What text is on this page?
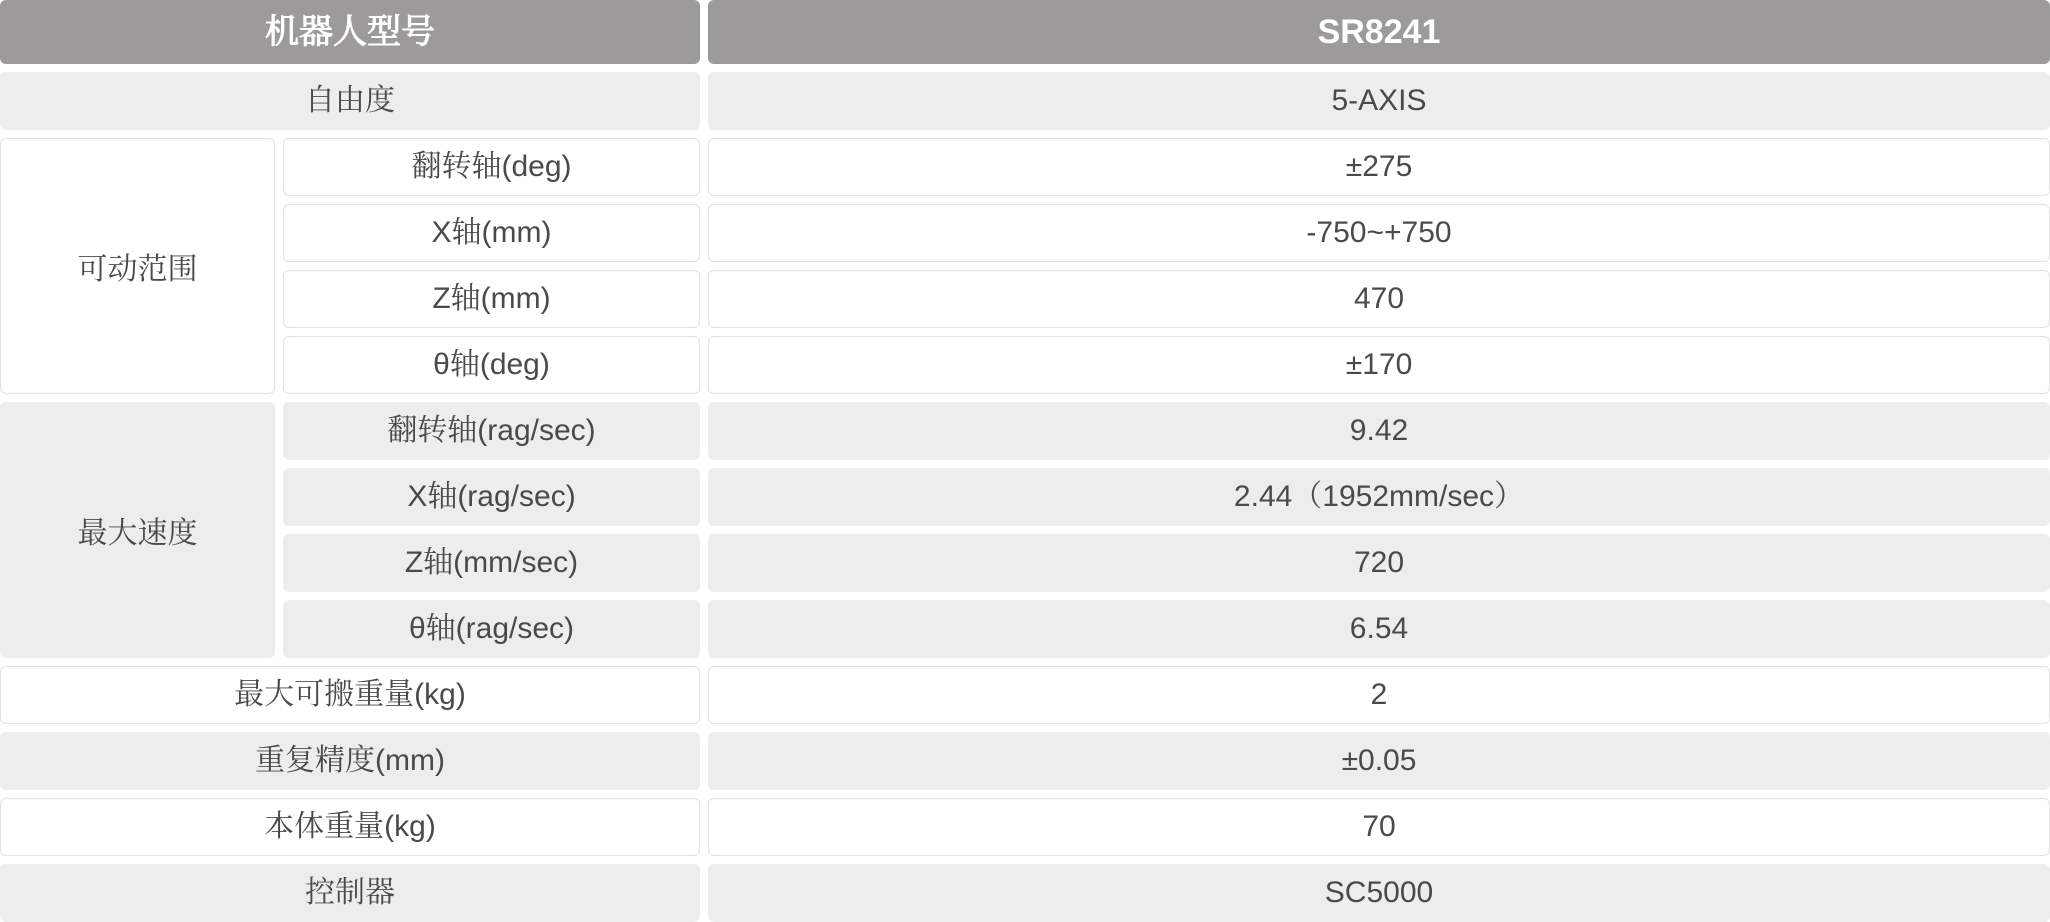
机器人型号	SR8241
自由度	5-AXIS
可动范围
翻转轴(deg)	±275
X轴(mm)	-750~+750
Z轴(mm)	470
θ轴(deg)	±170
最大速度
翻转轴(rag/sec)	9.42
X轴(rag/sec)	2.44（1952mm/sec）
Z轴(mm/sec)	720
θ轴(rag/sec)	6.54
最大可搬重量(kg)	2
重复精度(mm)	±0.05
本体重量(kg)	70
控制器	SC5000
